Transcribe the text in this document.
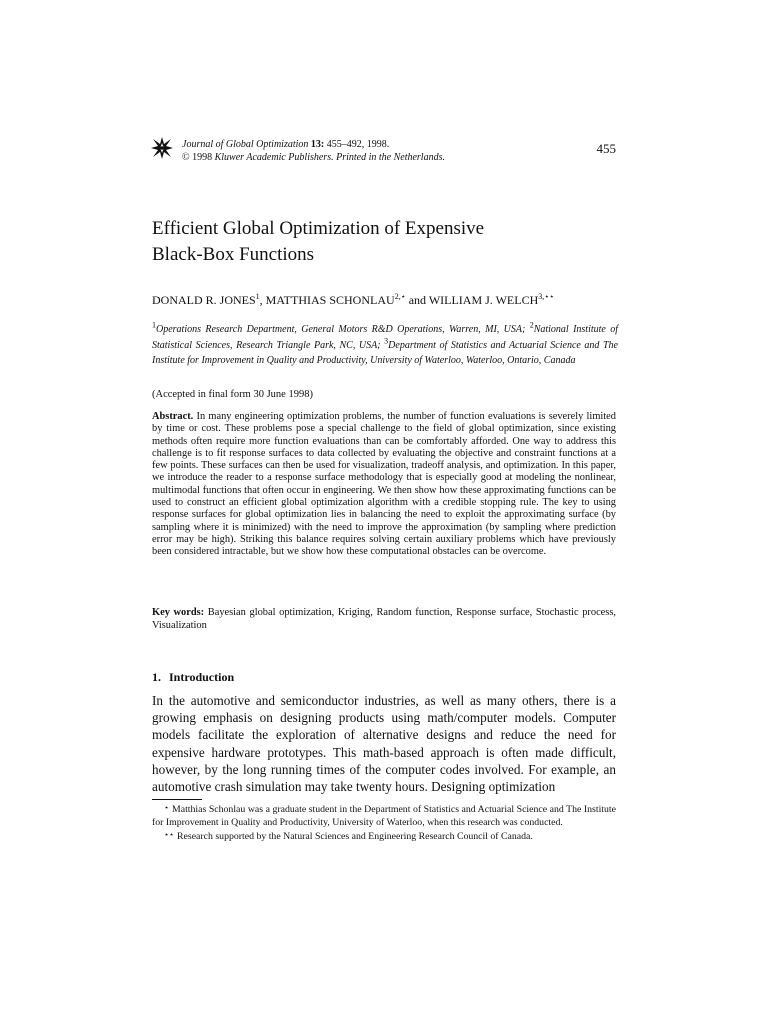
Journal of Global Optimization 13: 455–492, 1998.
© 1998 Kluwer Academic Publishers. Printed in the Netherlands.
455
Efficient Global Optimization of Expensive
Black-Box Functions
DONALD R. JONES$^1$, MATTHIAS $SCHONLAU^{2,⋆}$ and WILLIAM J. $WELCH^{3,⋆⋆}$
$^1$Operations Research Department, General Motors R&D Operations, Warren, MI, USA; $^2$National Institute of Statistical Sciences, Research Triangle Park, NC, USA; $^3$Department of Statistics and Actuarial Science and The Institute for Improvement in Quality and Productivity, University of Waterloo, Waterloo, Ontario, Canada
(Accepted in final form 30 June 1998)
Abstract. In many engineering optimization problems, the number of function evaluations is severely limited by time or cost. These problems pose a special challenge to the field of global optimization, since existing methods often require more function evaluations than can be comfortably afforded. One way to address this challenge is to fit response surfaces to data collected by evaluating the objective and constraint functions at a few points. These surfaces can then be used for visualization, tradeoff analysis, and optimization. In this paper, we introduce the reader to a response surface methodology that is especially good at modeling the nonlinear, multimodal functions that often occur in engineering. We then show how these approximating functions can be used to construct an efficient global optimization algorithm with a credible stopping rule. The key to using response surfaces for global optimization lies in balancing the need to exploit the approximating surface (by sampling where it is minimized) with the need to improve the approximation (by sampling where prediction error may be high). Striking this balance requires solving certain auxiliary problems which have previously been considered intractable, but we show how these computational obstacles can be overcome.
Key words: Bayesian global optimization, Kriging, Random function, Response surface, Stochastic process, Visualization
1. Introduction
In the automotive and semiconductor industries, as well as many others, there is a growing emphasis on designing products using math/computer models. Computer models facilitate the exploration of alternative designs and reduce the need for expensive hardware prototypes. This math-based approach is often made difficult, however, by the long running times of the computer codes involved. For example, an automotive crash simulation may take twenty hours. Designing optimization

⋆ Matthias Schonlau was a graduate student in the Department of Statistics and Actuarial Science and The Institute for Improvement in Quality and Productivity, University of Waterloo, when this research was conducted.

⋆⋆ Research supported by the Natural Sciences and Engineering Research Council of Canada.
